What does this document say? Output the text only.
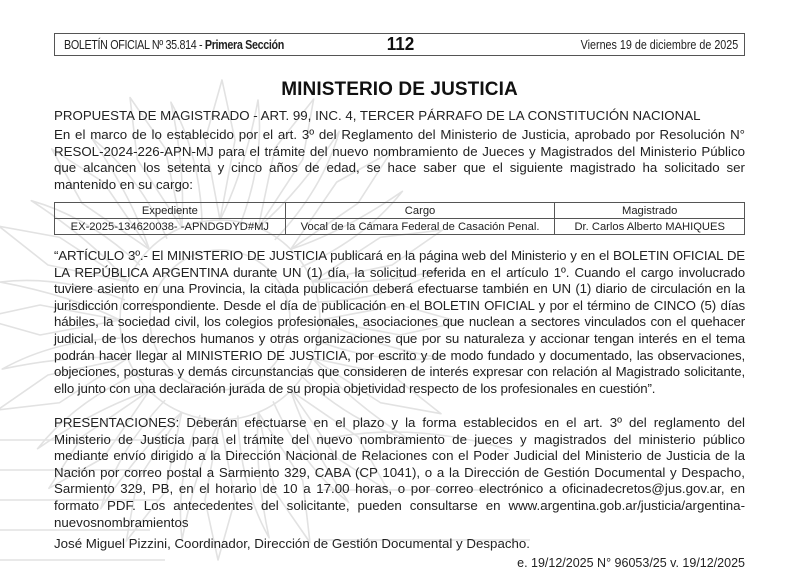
BOLETÍN OFICIAL Nº 35.814 - Primera Sección	112	Viernes 19 de diciembre de 2025
MINISTERIO DE JUSTICIA
PROPUESTA DE MAGISTRADO - ART. 99, INC. 4, TERCER PÁRRAFO DE LA CONSTITUCIÓN NACIONAL
En el marco de lo establecido por el art. 3º del Reglamento del Ministerio de Justicia, aprobado por Resolución N° RESOL-2024-226-APN-MJ para el trámite del nuevo nombramiento de Jueces y Magistrados del Ministerio Público que alcancen los setenta y cinco años de edad, se hace saber que el siguiente magistrado ha solicitado ser mantenido en su cargo:
Expediente	Cargo	Magistrado
EX-2025-134620038- -APNDGDYD#MJ	Vocal de la Cámara Federal de Casación Penal.	Dr. Carlos Alberto MAHIQUES
“ARTÍCULO 3º.- El MINISTERIO DE JUSTICIA publicará en la página web del Ministerio y en el BOLETIN OFICIAL DE LA REPÚBLICA ARGENTINA durante UN (1) día, la solicitud referida en el artículo 1º. Cuando el cargo involucrado tuviere asiento en una Provincia, la citada publicación deberá efectuarse también en UN (1) diario de circulación en la jurisdicción correspondiente. Desde el día de publicación en el BOLETIN OFICIAL y por el término de CINCO (5) días hábiles, la sociedad civil, los colegios profesionales, asociaciones que nuclean a sectores vinculados con el quehacer judicial, de los derechos humanos y otras organizaciones que por su naturaleza y accionar tengan interés en el tema podrán hacer llegar al MINISTERIO DE JUSTICIA, por escrito y de modo fundado y documentado, las observaciones, objeciones, posturas y demás circunstancias que consideren de interés expresar con relación al Magistrado solicitante, ello junto con una declaración jurada de su propia objetividad respecto de los profesionales en cuestión”.
PRESENTACIONES: Deberán efectuarse en el plazo y la forma establecidos en el art. 3º del reglamento del Ministerio de Justicia para el trámite del nuevo nombramiento de jueces y magistrados del ministerio público mediante envío dirigido a la Dirección Nacional de Relaciones con el Poder Judicial del Ministerio de Justicia de la Nación por correo postal a Sarmiento 329, CABA (CP 1041), o a la Dirección de Gestión Documental y Despacho, Sarmiento 329, PB, en el horario de 10 a 17.00 horas, o por correo electrónico a oficinadecretos@jus.gov.ar, en formato PDF. Los antecedentes del solicitante, pueden consultarse en www.argentina.gob.ar/justicia/argentina-nuevosnombramientos
José Miguel Pizzini, Coordinador, Dirección de Gestión Documental y Despacho.
e. 19/12/2025 N° 96053/25 v. 19/12/2025
